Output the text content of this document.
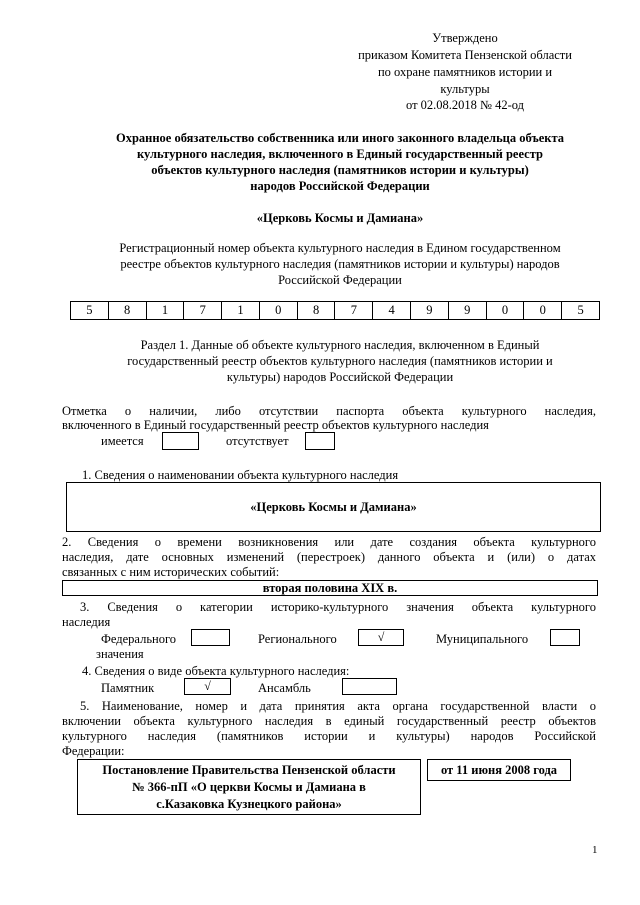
Утверждено
приказом Комитета Пензенской области
по охране памятников истории и
культуры
от 02.08.2018 № 42-од
Охранное обязательство собственника или иного законного владельца объекта
культурного наследия, включенного в Единый государственный реестр
объектов культурного наследия (памятников истории и культуры)
народов Российской Федерации
«Церковь Космы и Дамиана»
Регистрационный номер объекта культурного наследия в Едином государственном
реестре объектов культурного наследия (памятников истории и культуры) народов
Российской Федерации
5	8	1	7	1	0	8	7	4	9	9	0	0	5
Раздел 1. Данные об объекте культурного наследия, включенном в Единый
государственный реестр объектов культурного наследия (памятников истории и
культуры) народов Российской Федерации
Отметка о наличии, либо отсутствии паспорта объекта культурного наследия,
включенного в Единый государственный реестр объектов культурного наследия
имеется	отсутствует
1. Сведения о наименовании объекта культурного наследия
«Церковь Космы и Дамиана»
2. Сведения о времени возникновения или дате создания объекта культурного
наследия, дате основных изменений (перестроек) данного объекта и (или) о датах
связанных с ним исторических событий:
вторая половина XIX в.
3. Сведения о категории историко-культурного значения объекта культурного
наследия
Федерального	Регионального	√	Муниципального
значения
4. Сведения о виде объекта культурного наследия:
Памятник	√	Ансамбль
5. Наименование, номер и дата принятия акта органа государственной власти о
включении объекта культурного наследия в единый государственный реестр объектов
культурного наследия (памятников истории и культуры) народов Российской
Федерации:
Постановление Правительства Пензенской области
№ 366-пП «О церкви Космы и Дамиана в
с.Казаковка Кузнецкого района»
от 11 июня 2008 года
1
